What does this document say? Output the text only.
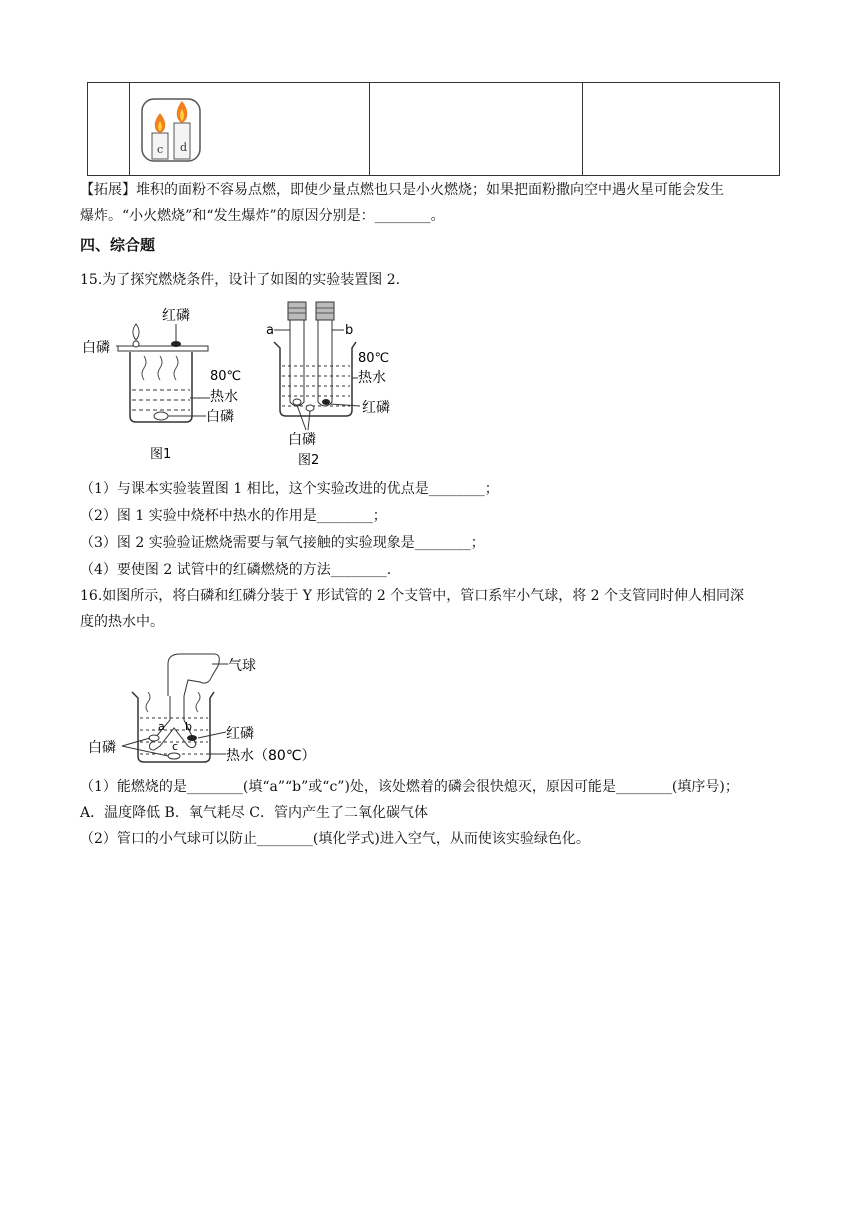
c d

【拓展】堆积的面粉不容易点燃，即使少量点燃也只是小火燃烧；如果把面粉撒向空中遇火星可能会发生
爆炸。“小火燃烧”和“发生爆炸”的原因分别是：________。
四、综合题
15.为了探究燃烧条件，设计了如图的实验装置图 2.
红磷
白磷
80℃
热水
白磷
图1
a	b
80℃
热水
红磷
白磷
图2
（1）与课本实验装置图 1 相比，这个实验改进的优点是________；
（2）图 1 实验中烧杯中热水的作用是________；
（3）图 2 实验验证燃烧需要与氧气接触的实验现象是________；
（4）要使图 2 试管中的红磷燃烧的方法________.
16.如图所示，将白磷和红磷分装于 Y 形试管的 2 个支管中，管口系牢小气球，将 2 个支管同时伸人相同深
度的热水中。
a b
c
气球
红磷
热水（80℃）
白磷
（1）能燃烧的是________(填“a”“b”或“c”)处，该处燃着的磷会很快熄灭，原因可能是________(填序号)；
A．温度降低 B．氧气耗尽 C．管内产生了二氧化碳气体
（2）管口的小气球可以防止________(填化学式)进入空气，从而使该实验绿色化。
